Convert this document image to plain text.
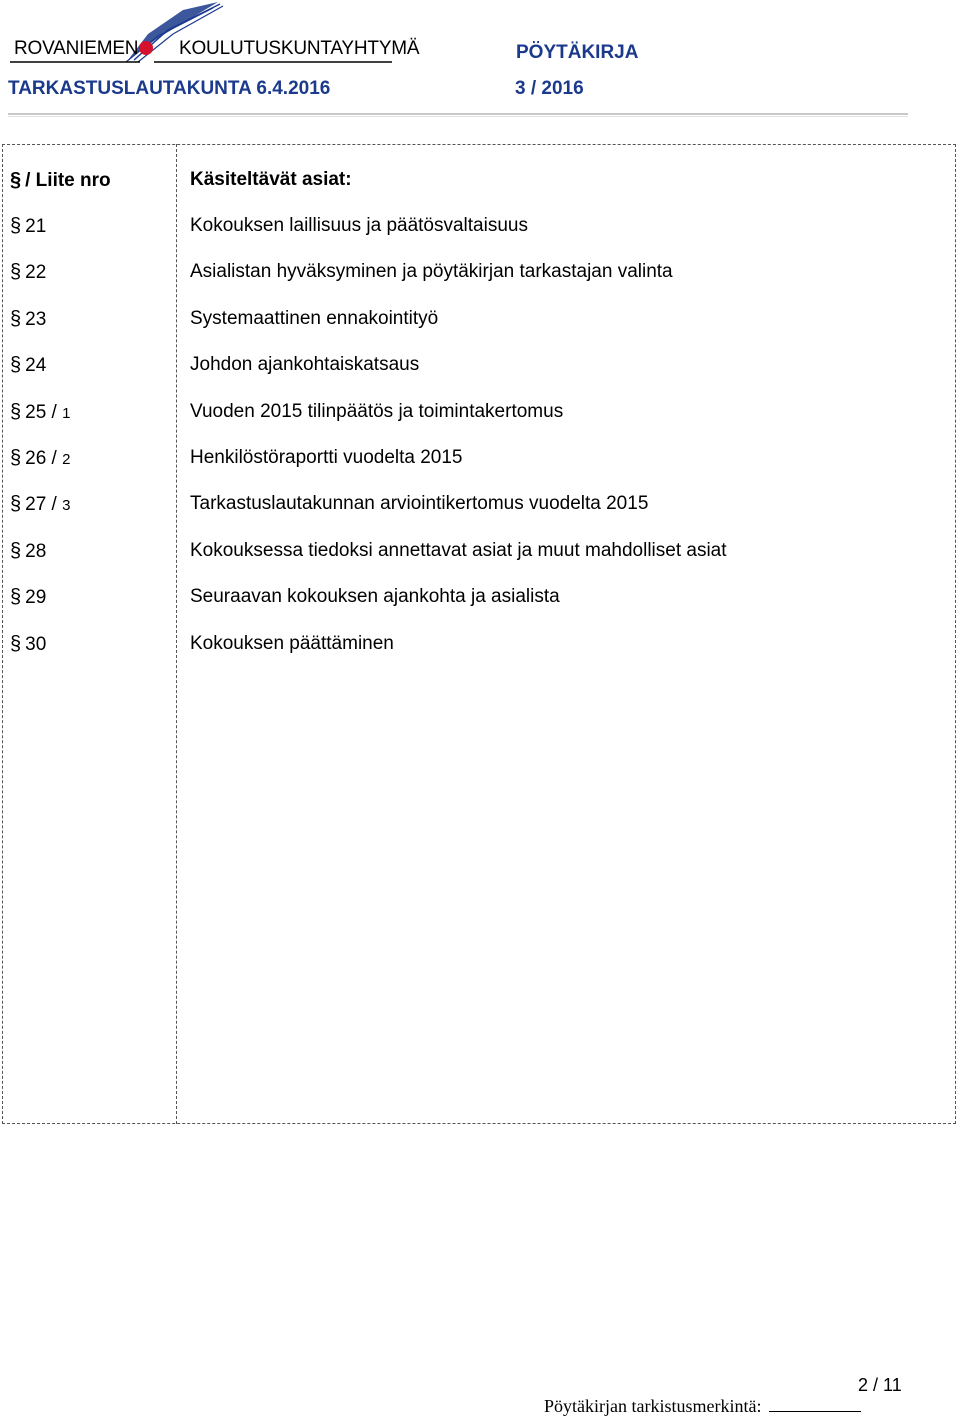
ROVANIEMEN KOULUTUSKUNTAYHTYMÄ	PÖYTÄKIRJA
TARKASTUSLAUTAKUNTA 6.4.2016	3 / 2016
§ / Liite nro	Käsiteltävät asiat:
§ 21	Kokouksen laillisuus ja päätösvaltaisuus
§ 22	Asialistan hyväksyminen ja pöytäkirjan tarkastajan valinta
§ 23	Systemaattinen ennakointityö
§ 24	Johdon ajankohtaiskatsaus
§ 25 / 1	Vuoden 2015 tilinpäätös ja toimintakertomus
§ 26 / 2	Henkilöstöraportti vuodelta 2015
§ 27 / 3	Tarkastuslautakunnan arviointikertomus vuodelta 2015
§ 28	Kokouksessa tiedoksi annettavat asiat ja muut mahdolliset asiat
§ 29	Seuraavan kokouksen ajankohta ja asialista
§ 30	Kokouksen päättäminen
2 / 11
Pöytäkirjan tarkistusmerkintä:
